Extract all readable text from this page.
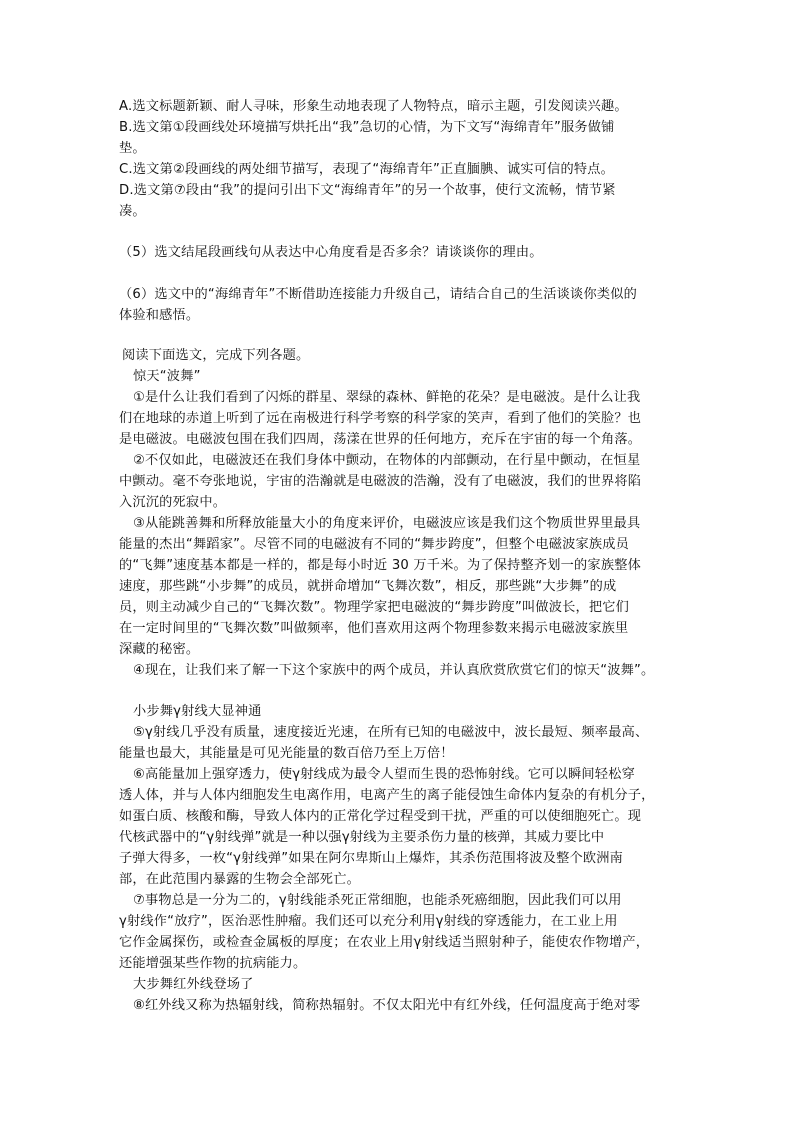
A.选文标题新颖、耐人寻味，形象生动地表现了人物特点，暗示主题，引发阅读兴趣。
B.选文第①段画线处环境描写烘托出“我”急切的心情，为下文写“海绵青年”服务做铺
垫。
C.选文第②段画线的两处细节描写，表现了“海绵青年”正直腼腆、诚实可信的特点。
D.选文第⑦段由“我”的提问引出下文“海绵青年”的另一个故事，使行文流畅，情节紧
凑。
（5）选文结尾段画线句从表达中心角度看是否多余？请谈谈你的理由。
（6）选文中的“海绵青年”不断借助连接能力升级自己，请结合自己的生活谈谈你类似的
体验和感悟。
阅读下面选文，完成下列各题。
惊天“波舞”
①是什么让我们看到了闪烁的群星、翠绿的森林、鲜艳的花朵？是电磁波。是什么让我
们在地球的赤道上听到了远在南极进行科学考察的科学家的笑声，看到了他们的笑脸？也
是电磁波。电磁波包围在我们四周，荡漾在世界的任何地方，充斥在宇宙的每一个角落。
②不仅如此，电磁波还在我们身体中颤动，在物体的内部颤动，在行星中颤动，在恒星
中颤动。毫不夸张地说，宇宙的浩瀚就是电磁波的浩瀚，没有了电磁波，我们的世界将陷
入沉沉的死寂中。
③从能跳善舞和所释放能量大小的角度来评价，电磁波应该是我们这个物质世界里最具
能量的杰出“舞蹈家”。尽管不同的电磁波有不同的“舞步跨度”，但整个电磁波家族成员
的“飞舞”速度基本都是一样的，都是每小时近 30 万千米。为了保持整齐划一的家族整体
速度，那些跳“小步舞”的成员，就拼命增加“飞舞次数”，相反，那些跳“大步舞”的成
员，则主动减少自己的“飞舞次数”。物理学家把电磁波的“舞步跨度”叫做波长，把它们
在一定时间里的“飞舞次数”叫做频率，他们喜欢用这两个物理参数来揭示电磁波家族里
深藏的秘密。
④现在，让我们来了解一下这个家族中的两个成员，并认真欣赏欣赏它们的惊天“波舞”。
小步舞γ射线大显神通
⑤γ射线几乎没有质量，速度接近光速，在所有已知的电磁波中，波长最短、频率最高、
能量也最大，其能量是可见光能量的数百倍乃至上万倍！
⑥高能量加上强穿透力，使γ射线成为最令人望而生畏的恐怖射线。它可以瞬间轻松穿
透人体，并与人体内细胞发生电离作用，电离产生的离子能侵蚀生命体内复杂的有机分子，
如蛋白质、核酸和酶，导致人体内的正常化学过程受到干扰，严重的可以使细胞死亡。现
代核武器中的“γ射线弹”就是一种以强γ射线为主要杀伤力量的核弹，其威力要比中
子弹大得多，一枚“γ射线弹”如果在阿尔卑斯山上爆炸，其杀伤范围将波及整个欧洲南
部，在此范围内暴露的生物会全部死亡。
⑦事物总是一分为二的，γ射线能杀死正常细胞，也能杀死癌细胞，因此我们可以用
γ射线作“放疗”，医治恶性肿瘤。我们还可以充分利用γ射线的穿透能力，在工业上用
它作金属探伤，或检查金属板的厚度；在农业上用γ射线适当照射种子，能使农作物增产，
还能增强某些作物的抗病能力。
大步舞红外线登场了
⑧红外线又称为热辐射线，简称热辐射。不仅太阳光中有红外线，任何温度高于绝对零
